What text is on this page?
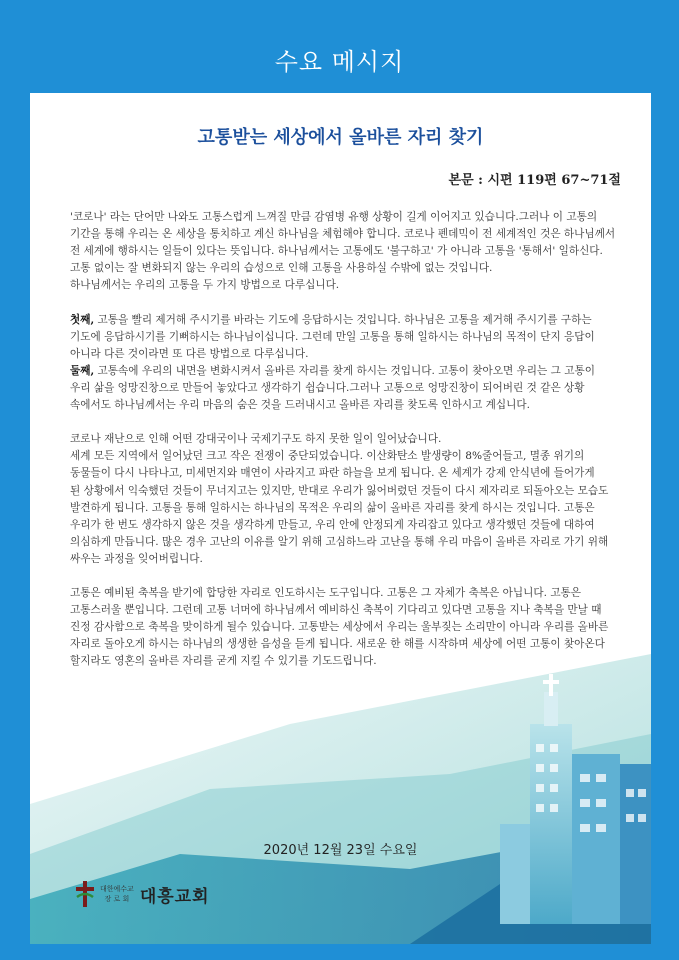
수요 메시지
고통받는 세상에서 올바른 자리 찾기
본문 : 시편 119편 67~71절
'코로나' 라는 단어만 나와도 고통스럽게 느껴질 만큼 감염병 유행 상황이 길게 이어지고 있습니다.그러나 이 고통의
기간을 통해 우리는 온 세상을 통치하고 계신 하나님을 체험해야 합니다. 코로나 펜데믹이 전 세계적인 것은 하나님께서
전 세계에 행하시는 일들이 있다는 뜻입니다. 하나님께서는 고통에도 '불구하고' 가 아니라 고통을 '통해서' 일하신다.
고통 없이는 잘 변화되지 않는 우리의 습성으로 인해 고통을 사용하실 수밖에 없는 것입니다.
하나님께서는 우리의 고통을 두 가지 방법으로 다루십니다.
첫째, 고통을 빨리 제거해 주시기를 바라는 기도에 응답하시는 것입니다. 하나님은 고통을 제거해 주시기를 구하는
기도에 응답하시기를 기뻐하시는 하나님이십니다. 그런데 만일 고통을 통해 일하시는 하나님의 목적이 단지 응답이
아니라 다른 것이라면 또 다른 방법으로 다루십니다.
둘째, 고통속에 우리의 내면을 변화시켜서 올바른 자리를 찾게 하시는 것입니다. 고통이 찾아오면 우리는 그 고통이
우리 삶을 엉망진창으로 만들어 놓았다고 생각하기 쉽습니다.그러나 고통으로 엉망진창이 되어버린 것 같은 상황
속에서도 하나님께서는 우리 마음의 숨은 것을 드러내시고 올바른 자리를 찾도록 인하시고 계십니다.
코로나 재난으로 인해 어떤 강대국이나 국제기구도 하지 못한 일이 일어났습니다.
세계 모든 지역에서 일어났던 크고 작은 전쟁이 중단되었습니다. 이산화탄소 발생량이 8%줄어들고, 멸종 위기의
동물들이 다시 나타나고, 미세먼지와 매연이 사라지고 파란 하늘을 보게 됩니다. 온 세계가 강제 안식년에 들어가게
된 상황에서 익숙했던 것들이 무너지고는 있지만, 반대로 우리가 잃어버렸던 것들이 다시 제자리로 되돌아오는 모습도
발견하게 됩니다. 고통을 통해 일하시는 하나님의 목적은 우리의 삶이 올바른 자리를 찾게 하시는 것입니다. 고통은
우리가 한 번도 생각하지 않은 것을 생각하게 만들고, 우리 안에 안정되게 자리잡고 있다고 생각했던 것들에 대하여
의심하게 만듭니다. 많은 경우 고난의 이유를 알기 위해 고심하느라 고난을 통해 우리 마음이 올바른 자리로 가기 위해
싸우는 과정을 잊어버립니다.
고통은 예비된 축복을 받기에 합당한 자리로 인도하시는 도구입니다. 고통은 그 자체가 축복은 아닙니다. 고통은
고통스러울 뿐입니다. 그런데 고통 너머에 하나님께서 예비하신 축복이 기다리고 있다면 고통을 지나 축복을 만날 때
진정 감사함으로 축복을 맞이하게 될수 있습니다. 고통받는 세상에서 우리는 울부짖는 소리만이 아니라 우리를 올바른
자리로 돌아오게 하시는 하나님의 생생한 음성을 듣게 됩니다. 새로운 한 해를 시작하며 세상에 어떤 고통이 찾아온다
할지라도 영혼의 올바른 자리를 굳게 지킬 수 있기를 기도드립니다.
2020년 12월 23일 수요일
대한예수교
장 로 회 대흥교회
